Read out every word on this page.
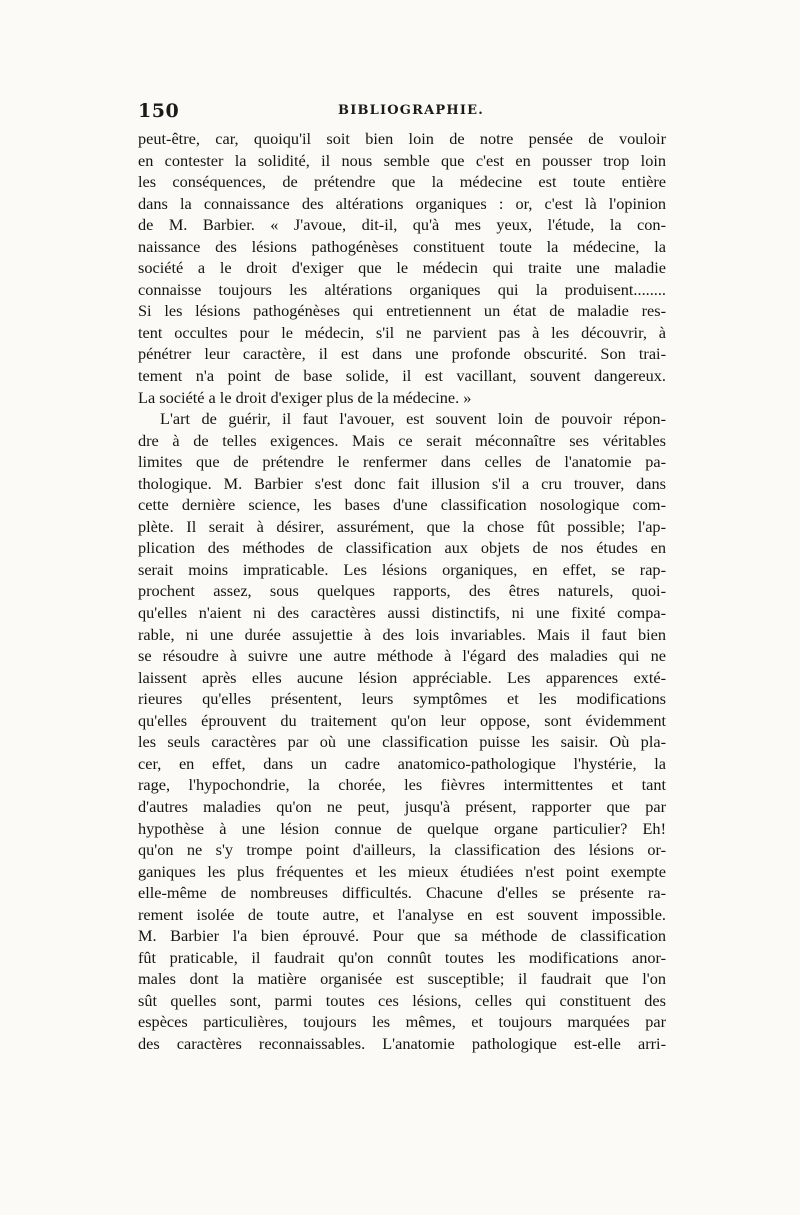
150	BIBLIOGRAPHIE.
peut-être, car, quoiqu'il soit bien loin de notre pensée de vouloir
en contester la solidité, il nous semble que c'est en pousser trop loin
les conséquences, de prétendre que la médecine est toute entière
dans la connaissance des altérations organiques : or, c'est là l'opinion
de M. Barbier. « J'avoue, dit-il, qu'à mes yeux, l'étude, la con-
naissance des lésions pathogénèses constituent toute la médecine, la
société a le droit d'exiger que le médecin qui traite une maladie
connaisse toujours les altérations organiques qui la produisent........
Si les lésions pathogénèses qui entretiennent un état de maladie res-
tent occultes pour le médecin, s'il ne parvient pas à les découvrir, à
pénétrer leur caractère, il est dans une profonde obscurité. Son trai-
tement n'a point de base solide, il est vacillant, souvent dangereux.
La société a le droit d'exiger plus de la médecine. »
L'art de guérir, il faut l'avouer, est souvent loin de pouvoir répon-
dre à de telles exigences. Mais ce serait méconnaître ses véritables
limites que de prétendre le renfermer dans celles de l'anatomie pa-
thologique. M. Barbier s'est donc fait illusion s'il a cru trouver, dans
cette dernière science, les bases d'une classification nosologique com-
plète. Il serait à désirer, assurément, que la chose fût possible; l'ap-
plication des méthodes de classification aux objets de nos études en
serait moins impraticable. Les lésions organiques, en effet, se rap-
prochent assez, sous quelques rapports, des êtres naturels, quoi-
qu'elles n'aient ni des caractères aussi distinctifs, ni une fixité compa-
rable, ni une durée assujettie à des lois invariables. Mais il faut bien
se résoudre à suivre une autre méthode à l'égard des maladies qui ne
laissent après elles aucune lésion appréciable. Les apparences exté-
rieures qu'elles présentent, leurs symptômes et les modifications
qu'elles éprouvent du traitement qu'on leur oppose, sont évidemment
les seuls caractères par où une classification puisse les saisir. Où pla-
cer, en effet, dans un cadre anatomico-pathologique l'hystérie, la
rage, l'hypochondrie, la chorée, les fièvres intermittentes et tant
d'autres maladies qu'on ne peut, jusqu'à présent, rapporter que par
hypothèse à une lésion connue de quelque organe particulier? Eh!
qu'on ne s'y trompe point d'ailleurs, la classification des lésions or-
ganiques les plus fréquentes et les mieux étudiées n'est point exempte
elle-même de nombreuses difficultés. Chacune d'elles se présente ra-
rement isolée de toute autre, et l'analyse en est souvent impossible.
M. Barbier l'a bien éprouvé. Pour que sa méthode de classification
fût praticable, il faudrait qu'on connût toutes les modifications anor-
males dont la matière organisée est susceptible; il faudrait que l'on
sût quelles sont, parmi toutes ces lésions, celles qui constituent des
espèces particulières, toujours les mêmes, et toujours marquées par
des caractères reconnaissables. L'anatomie pathologique est-elle arri-
